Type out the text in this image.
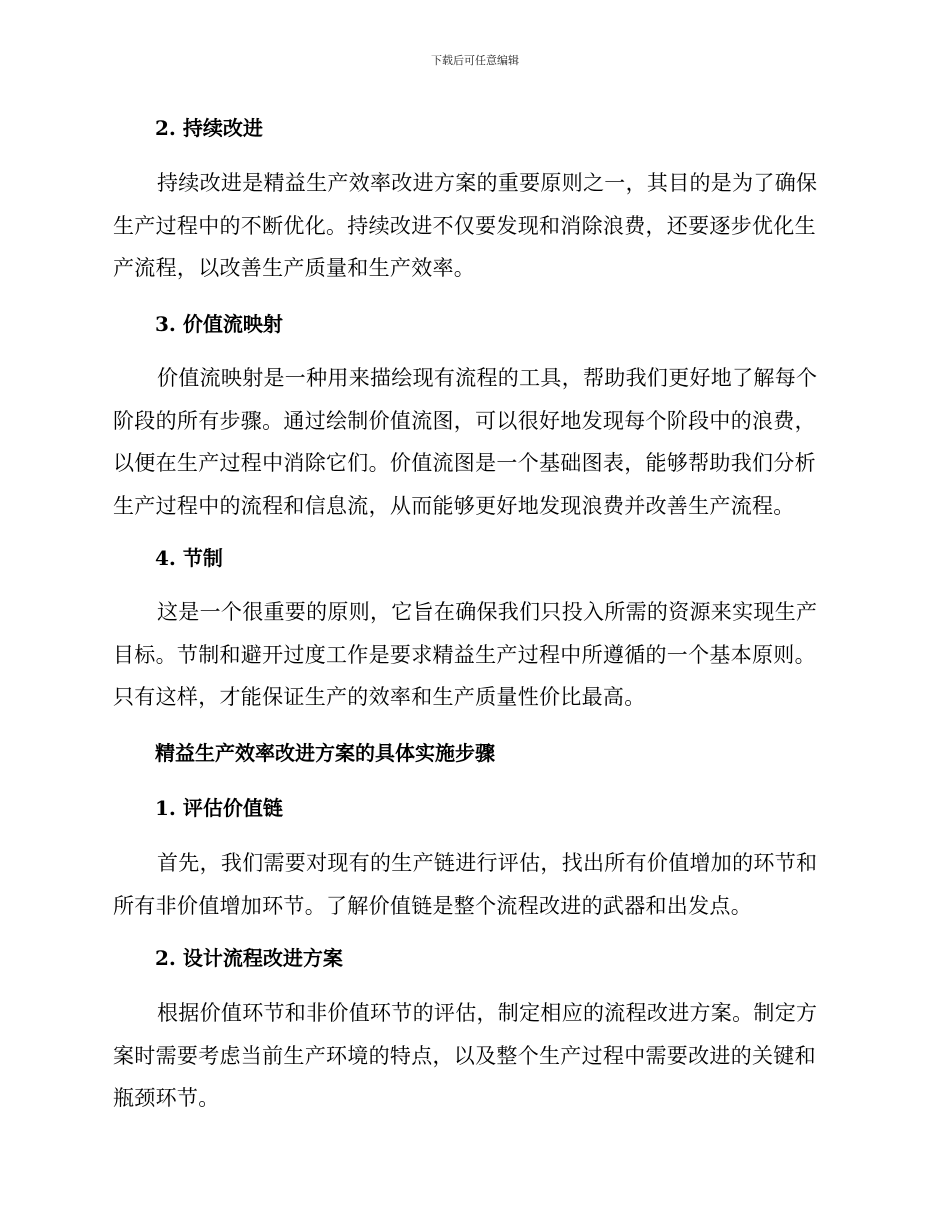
下载后可任意编辑
2. 持续改进
持续改进是精益生产效率改进方案的重要原则之一，其目的是为了确保
生产过程中的不断优化。持续改进不仅要发现和消除浪费，还要逐步优化生
产流程，以改善生产质量和生产效率。
3. 价值流映射
价值流映射是一种用来描绘现有流程的工具，帮助我们更好地了解每个
阶段的所有步骤。通过绘制价值流图，可以很好地发现每个阶段中的浪费，
以便在生产过程中消除它们。价值流图是一个基础图表，能够帮助我们分析
生产过程中的流程和信息流，从而能够更好地发现浪费并改善生产流程。
4. 节制
这是一个很重要的原则，它旨在确保我们只投入所需的资源来实现生产
目标。节制和避开过度工作是要求精益生产过程中所遵循的一个基本原则。
只有这样，才能保证生产的效率和生产质量性价比最高。
精益生产效率改进方案的具体实施步骤
1. 评估价值链
首先，我们需要对现有的生产链进行评估，找出所有价值增加的环节和
所有非价值增加环节。了解价值链是整个流程改进的武器和出发点。
2. 设计流程改进方案
根据价值环节和非价值环节的评估，制定相应的流程改进方案。制定方
案时需要考虑当前生产环境的特点，以及整个生产过程中需要改进的关键和
瓶颈环节。
